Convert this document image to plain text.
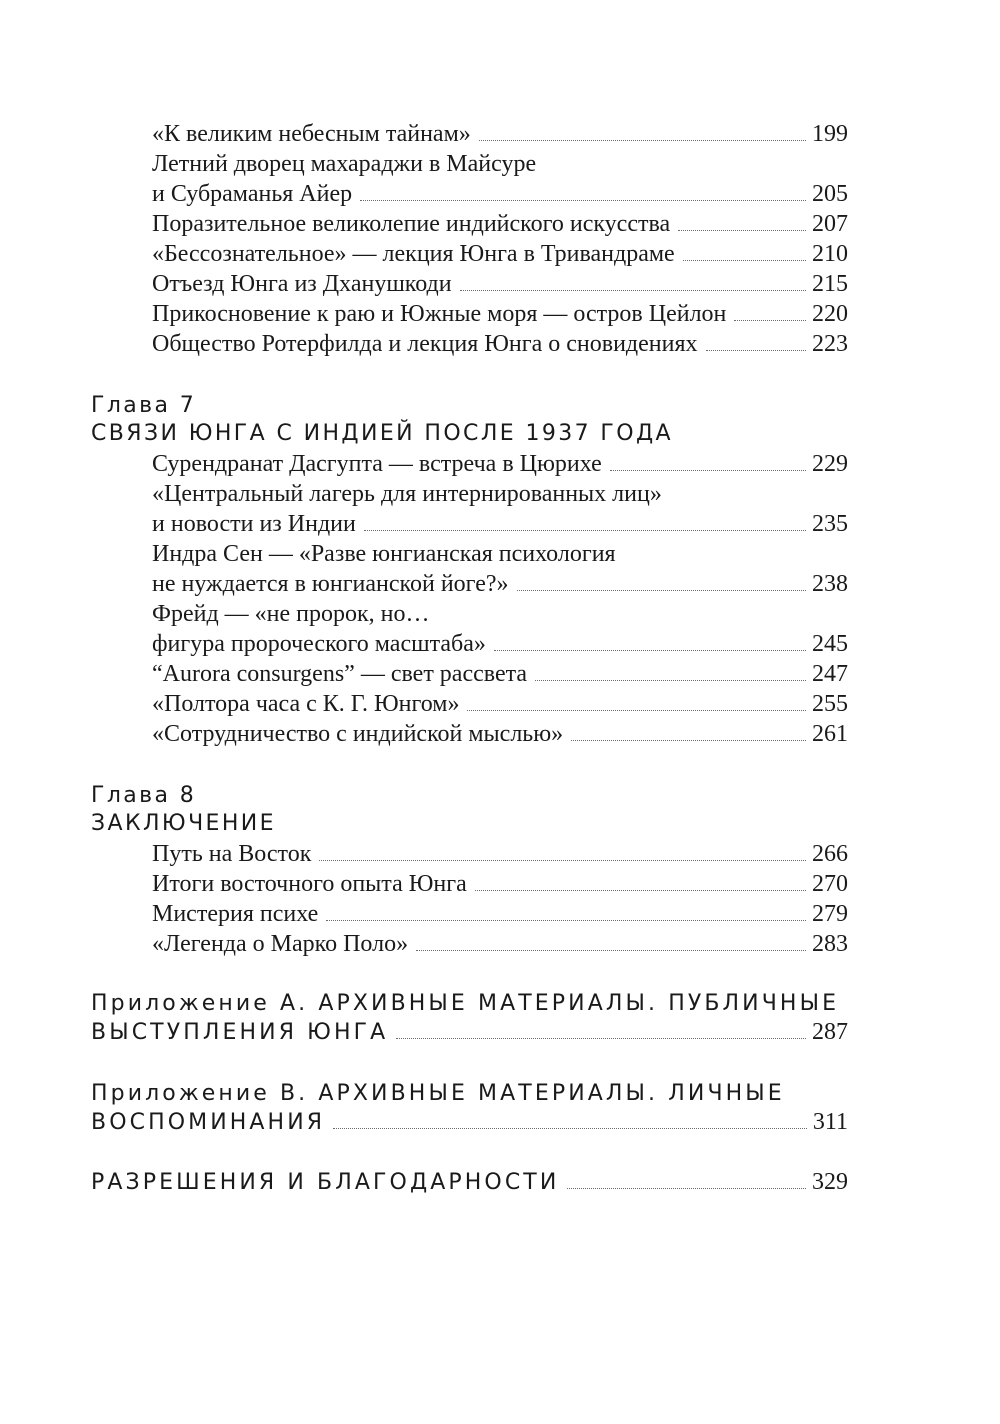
«К великим небесным тайнам»	199
Летний дворец махараджи в Майсуре
и Субраманья Айер	205
Поразительное великолепие индийского искусства	207
«Бессознательное» — лекция Юнга в Тривандраме	210
Отъезд Юнга из Дханушкоди	215
Прикосновение к раю и Южные моря — остров Цейлон	220
Общество Ротерфилда и лекция Юнга о сновидениях	223
Глава 7
СВЯЗИ ЮНГА С ИНДИЕЙ ПОСЛЕ 1937 ГОДА
Сурендранат Дасгупта — встреча в Цюрихе	229
«Центральный лагерь для интернированных лиц»
и новости из Индии	235
Индра Сен — «Разве юнгианская психология
не нуждается в юнгианской йоге?»	238
Фрейд — «не пророк, но…
фигура пророческого масштаба»	245
“Aurora consurgens” — свет рассвета	247
«Полтора часа с К. Г. Юнгом»	255
«Сотрудничество с индийской мыслью»	261
Глава 8
ЗАКЛЮЧЕНИЕ
Путь на Восток	266
Итоги восточного опыта Юнга	270
Мистерия психе	279
«Легенда о Марко Поло»	283
Приложение А. АРХИВНЫЕ МАТЕРИАЛЫ. ПУБЛИЧНЫЕ
ВЫСТУПЛЕНИЯ ЮНГА	287
Приложение В. АРХИВНЫЕ МАТЕРИАЛЫ. ЛИЧНЫЕ
ВОСПОМИНАНИЯ	311
РАЗРЕШЕНИЯ И БЛАГОДАРНОСТИ	329
